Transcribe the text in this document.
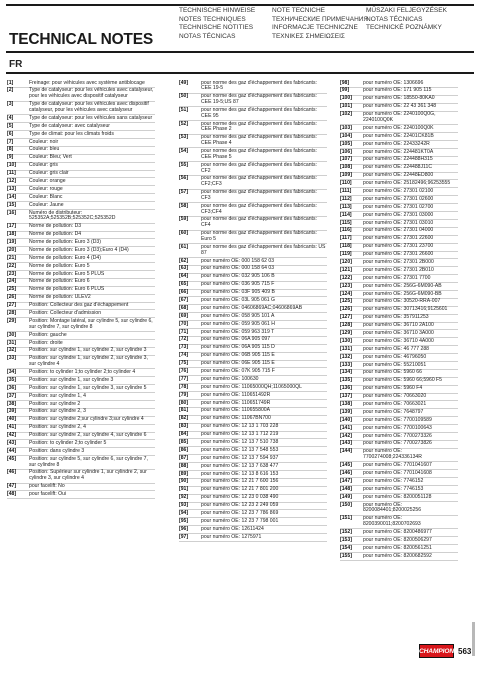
TECHNISCHE HINWEISE
NOTES TECHNIQUES
TECHNISCHE NOTITIES
NOTAS TÉCNICAS
NOTE TECNICHE
ТЕХНИЧЕСКИЕ ПРИМЕЧАНИЯ
INFORMACJE TECHNICZNE
ΤΕΧΝΙΚΕΣ ΣΗΜΕΙΩΣΕΙΣ
MŰSZAKI FELJEGYZÉSEK
NOTAS TÉCNICAS
TECHNICKÉ POZNÁMKY
TECHNICAL NOTES
FR
[1]	Freinage: pour véhicules avec système antiblocage
[2]	Type de catalyseur: pour les véhicules avec catalyseur, pour les véhicules avec dispositif catalyseur
[3]	Type de catalyseur: pour les véhicules avec dispositif catalyseur, pour les véhicules avec catalyseur
[4]	Type de catalyseur: pour les véhicules sans catalyseur
[5]	Type de catalyseur: avec catalyseur
[6]	Type de climat: pour les climats froids
[7]	Couleur: noir
[8]	Couleur: bleu
[9]	Couleur: Bleu; Vert
[10]	Couleur: gris
[11]	Couleur: gris clair
[12]	Couleur: orange
[13]	Couleur: rouge
[14]	Couleur: Blanc
[15]	Couleur: Jaune
[16]	Numéro de distributeur: 525352A;525352B;525352C;525352D
[17]	Norme de pollution: D3
[18]	Norme de pollution: D4
[19]	Norme de pollution: Euro 3 (D3)
[20]	Norme de pollution: Euro 3 (D3);Euro 4 (D4)
[21]	Norme de pollution: Euro 4 (D4)
[22]	Norme de pollution: Euro 5
[23]	Norme de pollution: Euro 5 PLUS
[24]	Norme de pollution: Euro 6
[25]	Norme de pollution: Euro 6 PLUS
[26]	Norme de pollution: ULEV2
[27]	Position: Collecteur des gaz d'échappement
[28]	Position: Collecteur d'admission
[29]	Position: Montage latéral, sur cylindre 5, sur cylindre 6, sur cylindre 7, sur cylindre 8
[30]	Position: gauche
[31]	Position: droite
[32]	Position: sur cylindre 1, sur cylindre 2, sur cylindre 3
[33]	Position: sur cylindre 1, sur cylindre 2, sur cylindre 3, sur cylindre 4
[34]	Position: to cylinder 1;to cylinder 2;to cylinder 4
[35]	Position: sur cylindre 1, sur cylindre 3
[36]	Position: sur cylindre 1, sur cylindre 3, sur cylindre 5
[37]	Position: sur cylindre 1, 4
[38]	Position: sur cylindre 2
[39]	Position: sur cylindre 2, 3
[40]	Position: sur cylindre 2;sur cylindre 3;sur cylindre 4
[41]	Position: sur cylindre 2, 4
[42]	Position: sur cylindre 2, sur cylindre 4, sur cylindre 6
[43]	Position: to cylinder 2;to cylinder 5
[44]	Position: dans cylindre 3
[45]	Position: sur cylindre 5, sur cylindre 6, sur cylindre 7, sur cylindre 8
[46]	Position: Supérieur sur cylindre 1, sur cylindre 2, sur cylindre 3, sur cylindre 4
[47]	pour facelift: No
[48]	pour facelift: Oui
[49]	pour norme des gaz d'échappement des fabricants: CEE 19-5
[50]	pour norme des gaz d'échappement des fabricants: CEE 19-5;US 87
[51]	pour norme des gaz d'échappement des fabricants: CEE 95
[52]	pour norme des gaz d'échappement des fabricants: CEE Phase 2
[53]	pour norme des gaz d'échappement des fabricants: CEE Phase 4
[54]	pour norme des gaz d'échappement des fabricants: CEE Phase 5
[55]	pour norme des gaz d'échappement des fabricants: CF2
[56]	pour norme des gaz d'échappement des fabricants: CF2;CF3
[57]	pour norme des gaz d'échappement des fabricants: CF3
[58]	pour norme des gaz d'échappement des fabricants: CF3;CF4
[59]	pour norme des gaz d'échappement des fabricants: CF4
[60]	pour norme des gaz d'échappement des fabricants: Euro 5
[61]	pour norme des gaz d'échappement des fabricants: US 87
[62]	pour numéro OE: 000 158 62 03
[63]	pour numéro OE: 000 158 64 03
[64]	pour numéro OE: 032 905 106 B
[65]	pour numéro OE: 036 905 715 F
[66]	pour numéro OE: 03F 905 409 B
[67]	pour numéro OE: 03L 905 061 G
[68]	pour numéro OE: 04606869AC;04606869AB
[69]	pour numéro OE: 058 905 101 A
[70]	pour numéro OE: 059 905 061 H
[71]	pour numéro OE: 059 963 319 T
[72]	pour numéro OE: 06A 905 097
[73]	pour numéro OE: 06A 905 115 D
[74]	pour numéro OE: 06B 905 115 E
[75]	pour numéro OE: 06E 905 115 E
[76]	pour numéro OE: 07K 905 715 F
[77]	pour numéro OE: 100630
[78]	pour numéro OE: 11065000QH;11065000QL
[79]	pour numéro OE: 110651492R
[80]	pour numéro OE: 110651749R
[81]	pour numéro OE: 110655800A
[82]	pour numéro OE: 11067BN700
[83]	pour numéro OE: 12 13 1 703 228
[84]	pour numéro OE: 12 13 1 712 219
[85]	pour numéro OE: 12 13 7 510 738
[86]	pour numéro OE: 12 13 7 548 553
[87]	pour numéro OE: 12 13 7 594 937
[88]	pour numéro OE: 12 13 7 638 477
[89]	pour numéro OE: 12 13 8 616 153
[90]	pour numéro OE: 12 21 7 600 156
[91]	pour numéro OE: 12 21 7 801 200
[92]	pour numéro OE: 12 23 0 038 490
[93]	pour numéro OE: 12 23 2 249 059
[94]	pour numéro OE: 12 23 7 786 869
[95]	pour numéro OE: 12 23 7 798 001
[96]	pour numéro OE: 12611424
[97]	pour numéro OE: 1275971
[98]	pour numéro OE: 1306696
[99]	pour numéro OE: 171 905 115
[100]	pour numéro OE: 18550-80KA0
[101]	pour numéro OE: 22 43 361 348
[102]	pour numéro OE: 2240100Q0G, 2240100Q0K
[103]	pour numéro OE: 2240100Q0K
[104]	pour numéro OE: 22401CK81B
[105]	pour numéro OE: 22433242R
[106]	pour numéro OE: 224481KT0A
[107]	pour numéro OE: 224488H315
[108]	pour numéro OE: 224488J11C
[109]	pour numéro OE: 22448ED800
[110]	pour numéro OE: 25182496;96253555
[111]	pour numéro OE: 27301 02100
[112]	pour numéro OE: 27301 02600
[113]	pour numéro OE: 27301 02700
[114]	pour numéro OE: 27301 03000
[115]	pour numéro OE: 27301 03010
[116]	pour numéro OE: 27301 04000
[117]	pour numéro OE: 27301 22600
[118]	pour numéro OE: 27301 23700
[119]	pour numéro OE: 27301 26600
[120]	pour numéro OE: 27301 2B000
[121]	pour numéro OE: 27301 2B010
[122]	pour numéro OE: 27301 7700
[123]	pour numéro OE: 256G-6M090-AB
[124]	pour numéro OE: 256G-6M090-BB
[125]	pour numéro OE: 30520-RRA-007
[126]	pour numéro OE: 30713416;9125601
[127]	pour numéro OE: 357911253
[128]	pour numéro OE: 36710 2A100
[129]	pour numéro OE: 36710 3A000
[130]	pour numéro OE: 36710 4A000
[131]	pour numéro OE: 46 777 288
[132]	pour numéro OE: 46796050
[133]	pour numéro OE: 55210051
[134]	pour numéro OE: 5960 66
[135]	pour numéro OE: 5960 66;5960 F5
[136]	pour numéro OE: 5960 F4
[137]	pour numéro OE: 70663020
[138]	pour numéro OE: 70663021
[139]	pour numéro OE: 7648797
[140]	pour numéro OE: 7700109589
[141]	pour numéro OE: 7700100643
[142]	pour numéro OE: 7700273326
[143]	pour numéro OE: 7700273826
[144]	pour numéro OE: 7700274008;224336134R
[145]	pour numéro OE: 7701041607
[146]	pour numéro OE: 7701041608
[147]	pour numéro OE: 7746152
[148]	pour numéro OE: 7746153
[149]	pour numéro OE: 8200051128
[150]	pour numéro OE: 8200084401;8200025256
[151]	pour numéro OE: 8200390011;8200702693
[152]	pour numéro OE: 8200486977
[153]	pour numéro OE: 8200506297
[154]	pour numéro OE: 8200561251
[155]	pour numéro OE: 8200682592
CHAMPION 563
